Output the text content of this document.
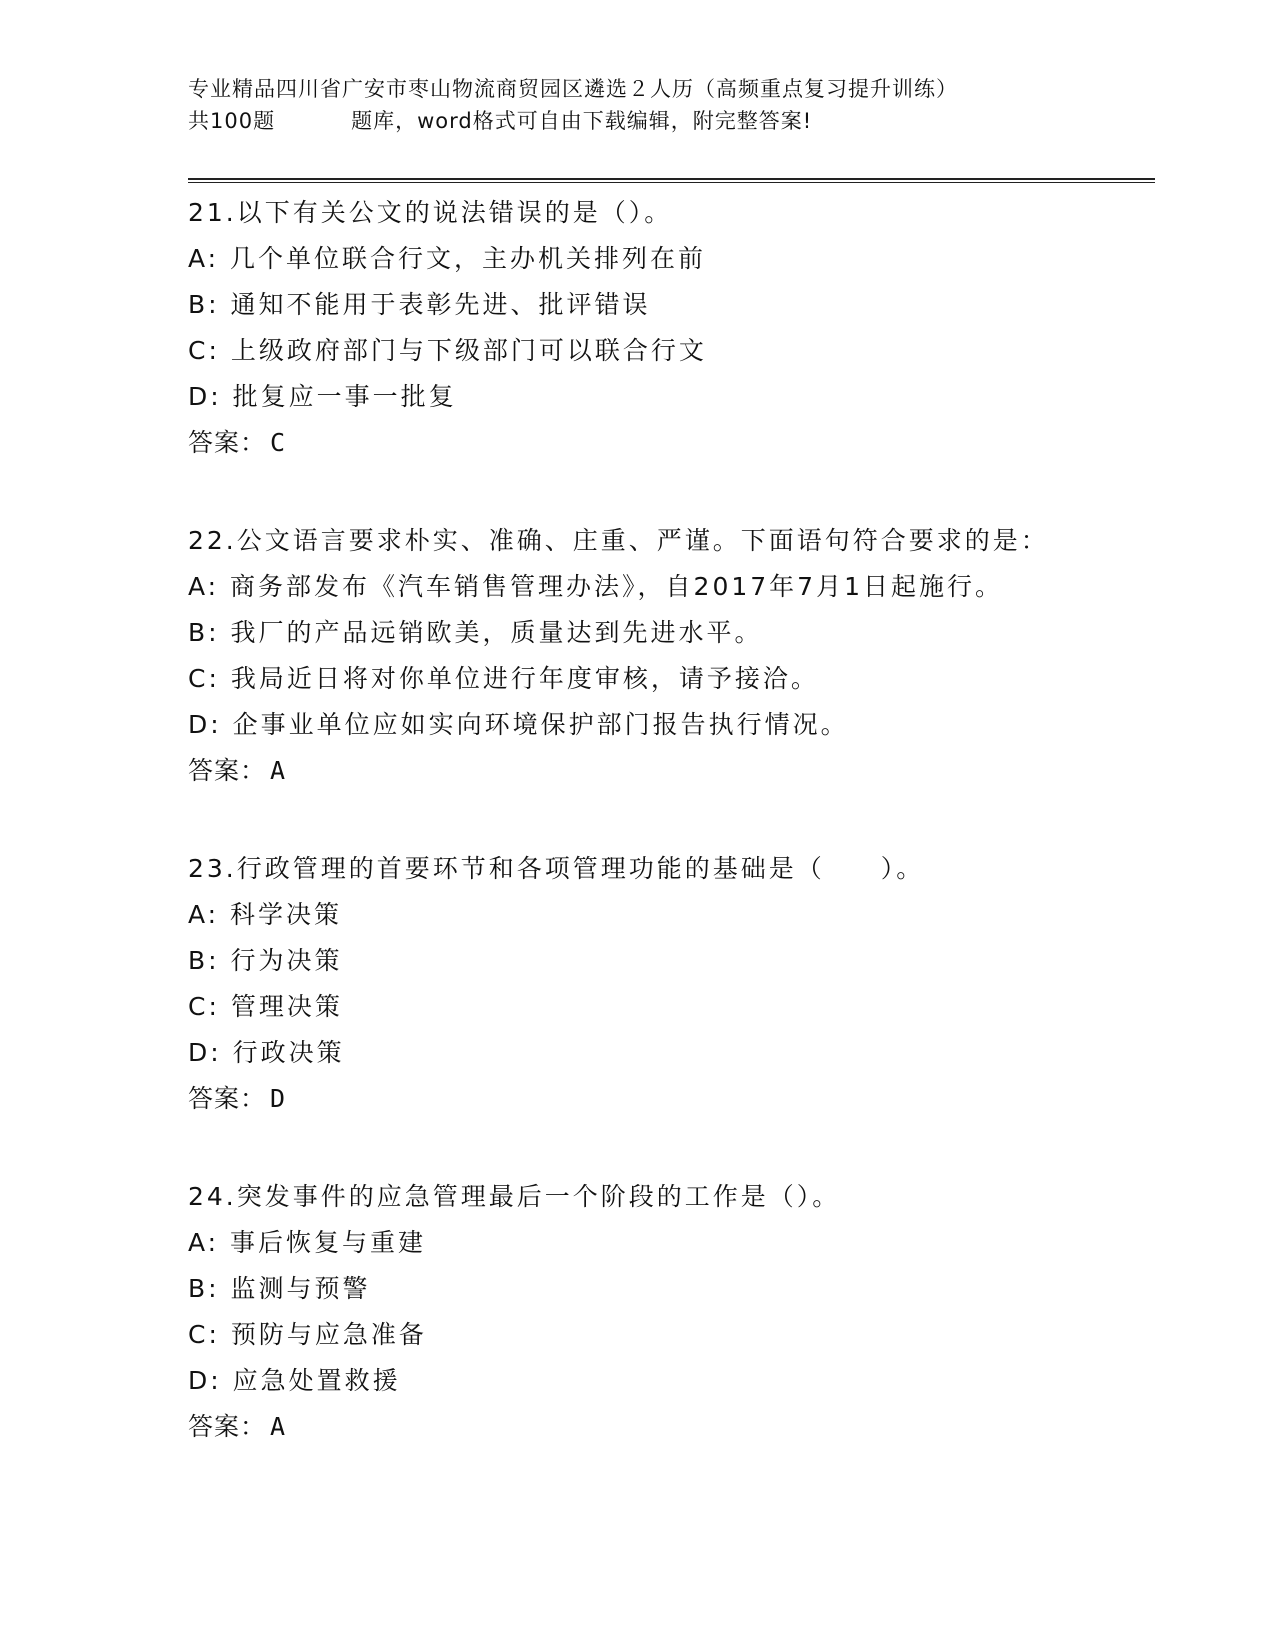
专业精品四川省广安市枣山物流商贸园区遴选２人历（高频重点复习提升训练）
共100题	题库，word格式可自由下载编辑，附完整答案!
21.以下有关公文的说法错误的是（）。
A: 几个单位联合行文，主办机关排列在前
B: 通知不能用于表彰先进、批评错误
C: 上级政府部门与下级部门可以联合行文
D: 批复应一事一批复
答案： C
22.公文语言要求朴实、准确、庄重、严谨。下面语句符合要求的是：
A: 商务部发布《汽车销售管理办法》，自2017年7月1日起施行。
B: 我厂的产品远销欧美，质量达到先进水平。
C: 我局近日将对你单位进行年度审核，请予接洽。
D: 企事业单位应如实向环境保护部门报告执行情况。
答案： A
23.行政管理的首要环节和各项管理功能的基础是（　　）。
A: 科学决策
B: 行为决策
C: 管理决策
D: 行政决策
答案： D
24.突发事件的应急管理最后一个阶段的工作是（）。
A: 事后恢复与重建
B: 监测与预警
C: 预防与应急准备
D: 应急处置救援
答案： A
